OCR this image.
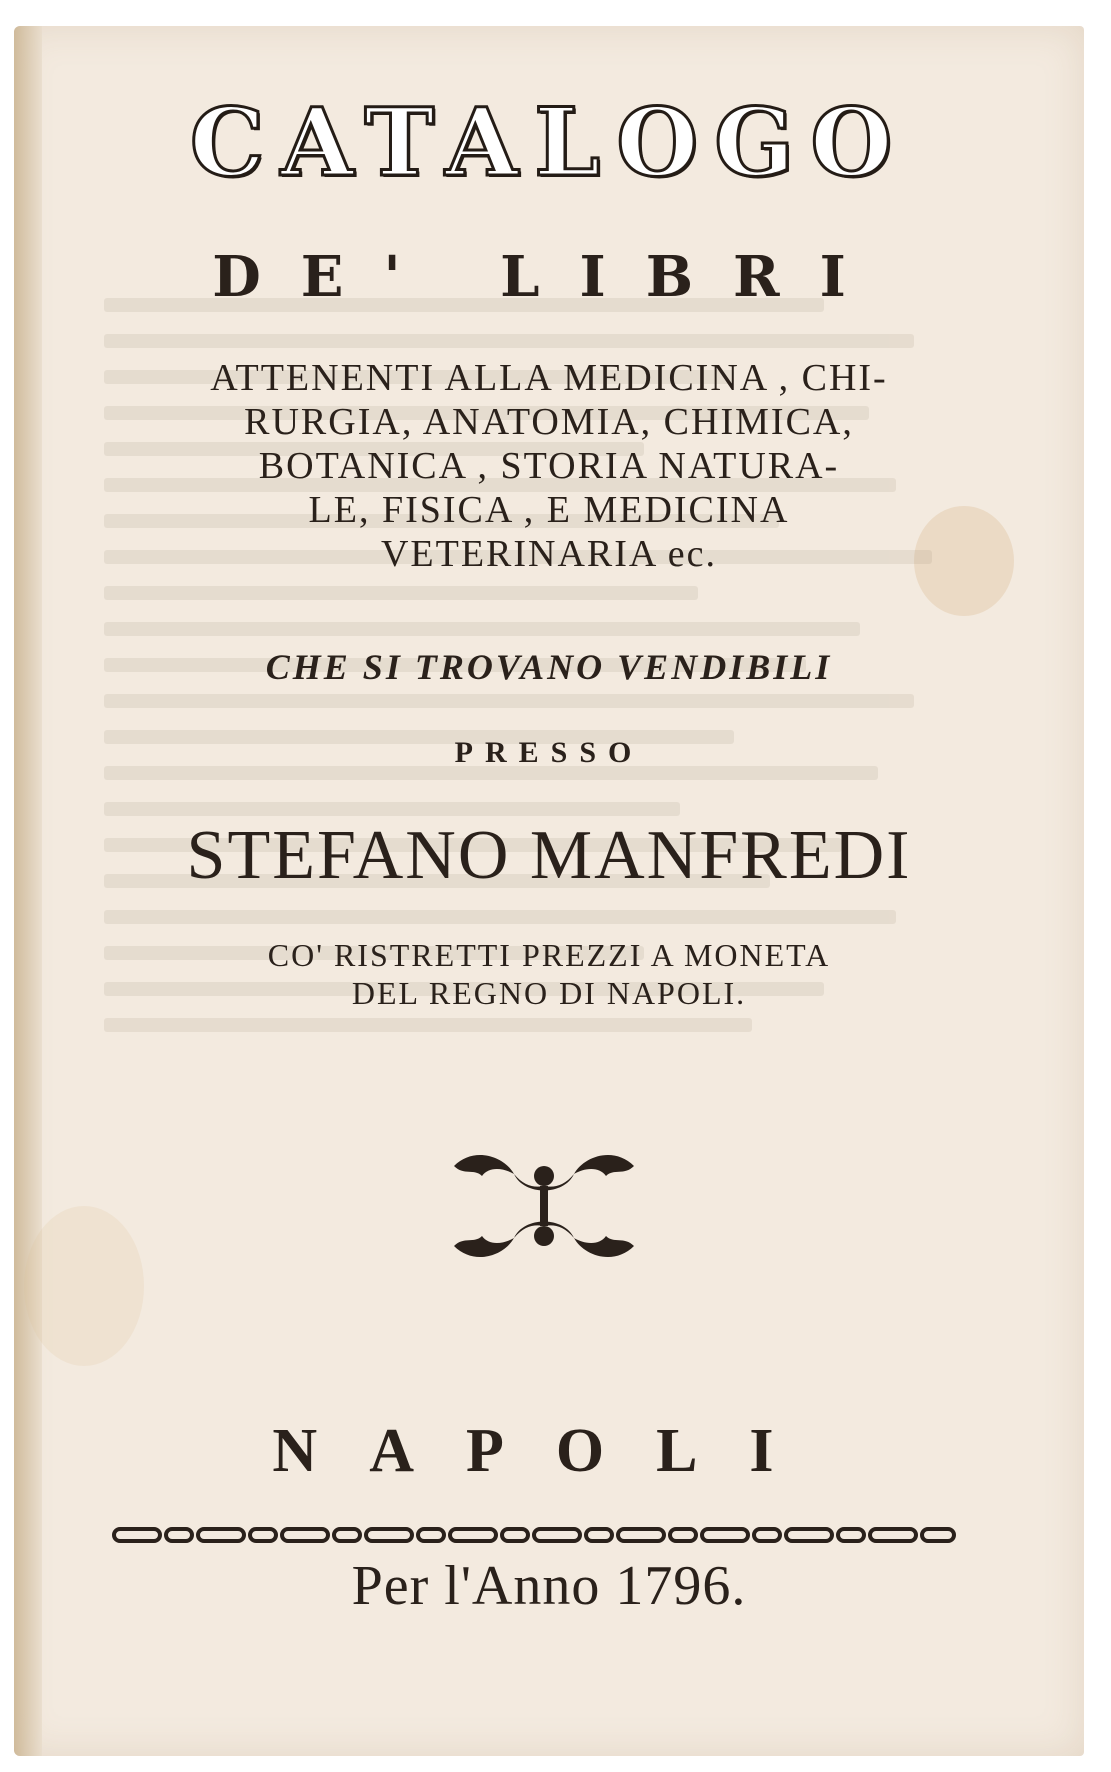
CATALOGO
DE' LIBRI
ATTENENTI ALLA MEDICINA , CHI-
RURGIA, ANATOMIA, CHIMICA,
BOTANICA , STORIA NATURA-
LE, FISICA , E MEDICINA
VETERINARIA ec.
CHE SI TROVANO VENDIBILI
PRESSO
STEFANO MANFREDI
CO' RISTRETTI PREZZI A MONETA
DEL REGNO DI NAPOLI.
NAPOLI
Per l'Anno 1796.
